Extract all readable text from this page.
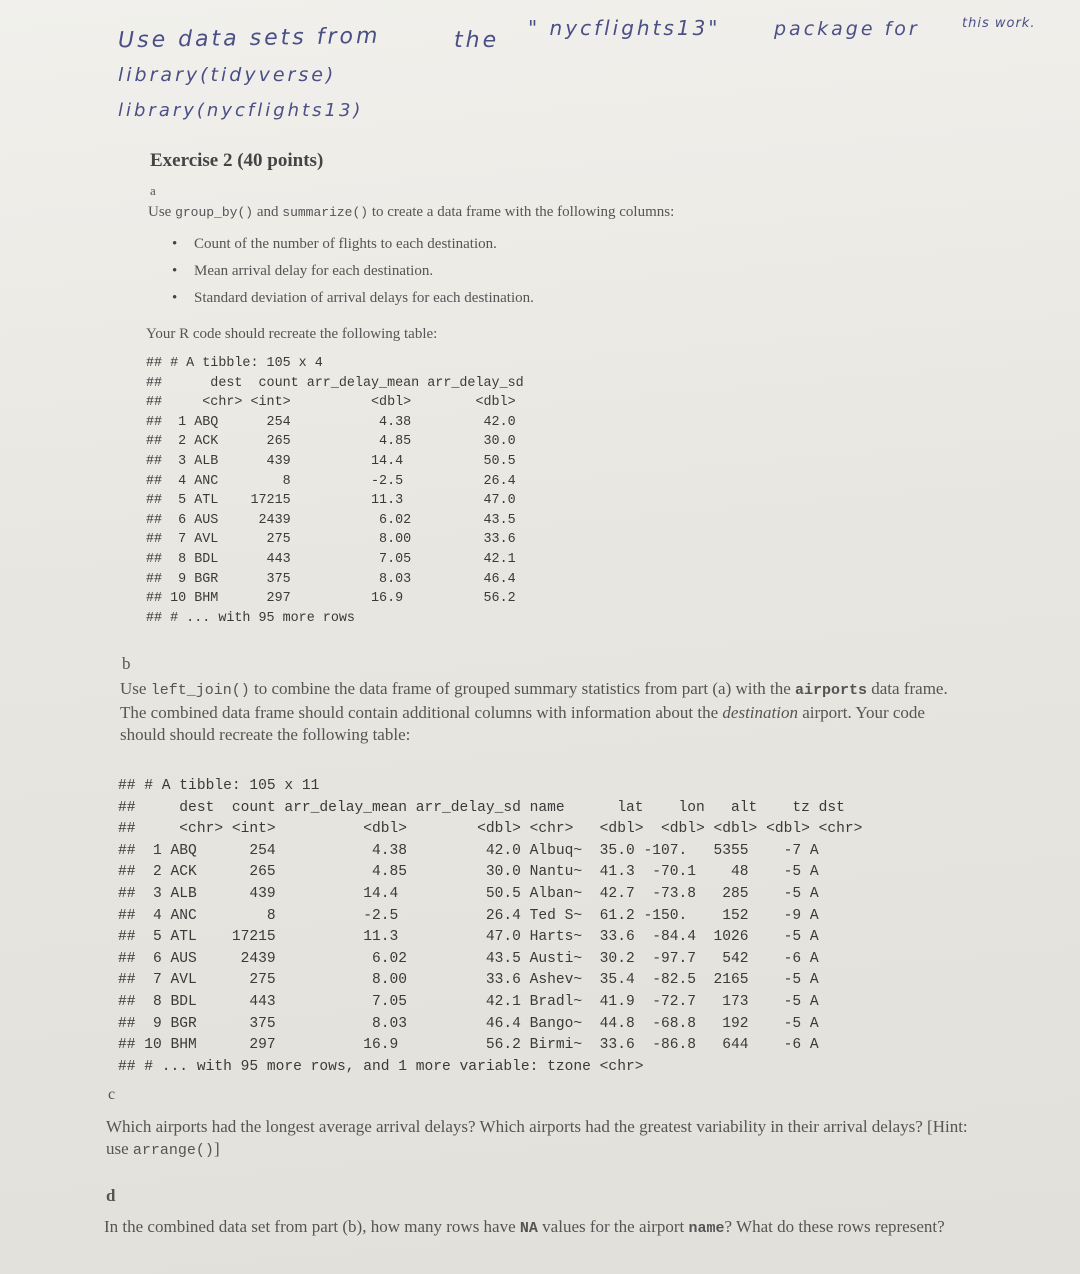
Use data sets from	the " nycflights13"	package for	this work.
library(tidyverse)
library(nycflights13)
Exercise 2 (40 points)
a
Use group_by() and summarize() to create a data frame with the following columns:
• Count of the number of flights to each destination.
• Mean arrival delay for each destination.
• Standard deviation of arrival delays for each destination.
Your R code should recreate the following table:
## # A tibble: 105 x 4
##      dest  count arr_delay_mean arr_delay_sd
##     <chr> <int>          <dbl>        <dbl>
##  1 ABQ      254           4.38         42.0
##  2 ACK      265           4.85         30.0
##  3 ALB      439          14.4          50.5
##  4 ANC        8          -2.5          26.4
##  5 ATL    17215          11.3          47.0
##  6 AUS     2439           6.02         43.5
##  7 AVL      275           8.00         33.6
##  8 BDL      443           7.05         42.1
##  9 BGR      375           8.03         46.4
## 10 BHM      297          16.9          56.2
## # ... with 95 more rows
b
Use left_join() to combine the data frame of grouped summary statistics from part (a) with the airports data frame. The combined data frame should contain additional columns with information about the destination airport. Your code should should recreate the following table:
## # A tibble: 105 x 11
##     dest  count arr_delay_mean arr_delay_sd name      lat    lon   alt    tz dst
##     <chr> <int>          <dbl>        <dbl> <chr>   <dbl>  <dbl> <dbl> <dbl> <chr>
##  1 ABQ      254           4.38         42.0 Albuq~  35.0 -107.   5355    -7 A
##  2 ACK      265           4.85         30.0 Nantu~  41.3  -70.1    48    -5 A
##  3 ALB      439          14.4          50.5 Alban~  42.7  -73.8   285    -5 A
##  4 ANC        8          -2.5          26.4 Ted S~  61.2 -150.    152    -9 A
##  5 ATL    17215          11.3          47.0 Harts~  33.6  -84.4  1026    -5 A
##  6 AUS     2439           6.02         43.5 Austi~  30.2  -97.7   542    -6 A
##  7 AVL      275           8.00         33.6 Ashev~  35.4  -82.5  2165    -5 A
##  8 BDL      443           7.05         42.1 Bradl~  41.9  -72.7   173    -5 A
##  9 BGR      375           8.03         46.4 Bango~  44.8  -68.8   192    -5 A
## 10 BHM      297          16.9          56.2 Birmi~  33.6  -86.8   644    -6 A
## # ... with 95 more rows, and 1 more variable: tzone <chr>
c
Which airports had the longest average arrival delays? Which airports had the greatest variability in their arrival delays? [Hint: use arrange()]
d
In the combined data set from part (b), how many rows have NA values for the airport name? What do these rows represent?
